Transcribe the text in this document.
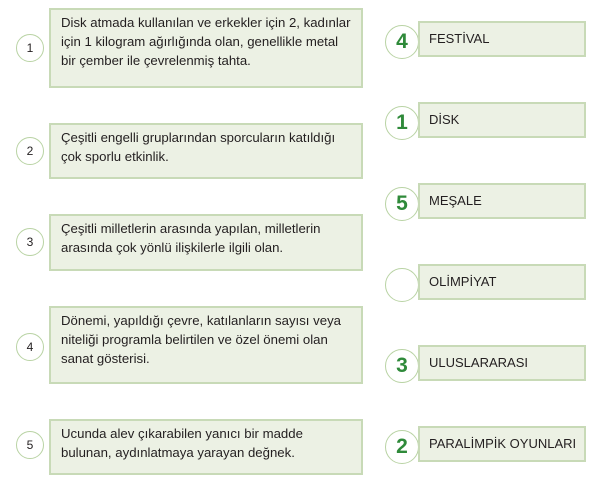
1
Disk atmada kullanılan ve erkekler için 2, kadınlar için 1 kilogram ağırlığında olan, genellikle metal bir çember ile çevrelenmiş tahta.
2
Çeşitli engelli gruplarından sporcuların katıldığı çok sporlu etkinlik.
3
Çeşitli milletlerin arasında yapılan, milletlerin arasında çok yönlü ilişkilerle ilgili olan.
4
Dönemi, yapıldığı çevre, katılanların sayısı veya niteliği programla belirtilen ve özel önemi olan sanat gösterisi.
5
Ucunda alev çıkarabilen yanıcı bir madde bulunan, aydınlatmaya yarayan değnek.
4	FESTİVAL
1	DİSK
5	MEŞALE
OLİMPİYAT
3	ULUSLARARASI
2	PARALİMPİK OYUNLARI
